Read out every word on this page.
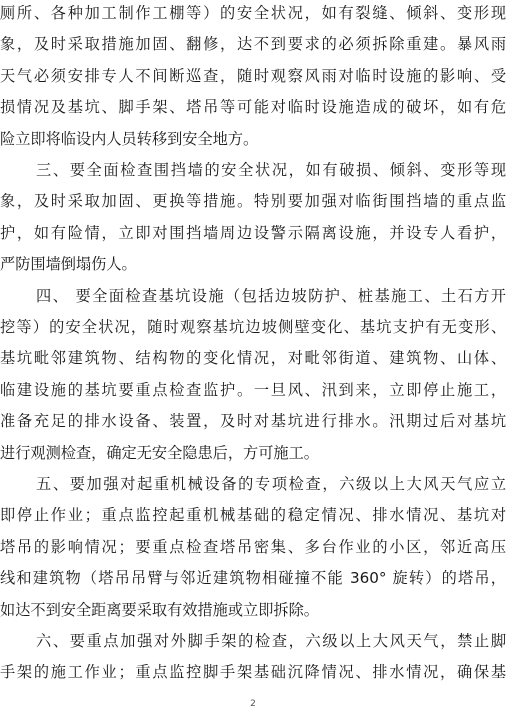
厕所、各种加工制作工棚等）的安全状况，如有裂缝、倾斜、变形现
象，及时采取措施加固、翻修，达不到要求的必须拆除重建。暴风雨
天气必须安排专人不间断巡查，随时观察风雨对临时设施的影响、受
损情况及基坑、脚手架、塔吊等可能对临时设施造成的破坏，如有危
险立即将临设内人员转移到安全地方。
三、要全面检查围挡墙的安全状况，如有破损、倾斜、变形等现
象，及时采取加固、更换等措施。特别要加强对临街围挡墙的重点监
护，如有险情，立即对围挡墙周边设警示隔离设施，并设专人看护，
严防围墙倒塌伤人。
四、 要全面检查基坑设施（包括边坡防护、桩基施工、土石方开
挖等）的安全状况，随时观察基坑边坡侧壁变化、基坑支护有无变形、
基坑毗邻建筑物、结构物的变化情况，对毗邻街道、建筑物、山体、
临建设施的基坑要重点检查监护。一旦风、汛到来，立即停止施工，
准备充足的排水设备、装置，及时对基坑进行排水。汛期过后对基坑
进行观测检查，确定无安全隐患后，方可施工。
五、要加强对起重机械设备的专项检查，六级以上大风天气应立
即停止作业；重点监控起重机械基础的稳定情况、排水情况、基坑对
塔吊的影响情况；要重点检查塔吊密集、多台作业的小区，邻近高压
线和建筑物（塔吊吊臂与邻近建筑物相碰撞不能 360° 旋转）的塔吊，
如达不到安全距离要采取有效措施或立即拆除。
六、要重点加强对外脚手架的检查，六级以上大风天气，禁止脚
手架的施工作业；重点监控脚手架基础沉降情况、排水情况，确保基
2
